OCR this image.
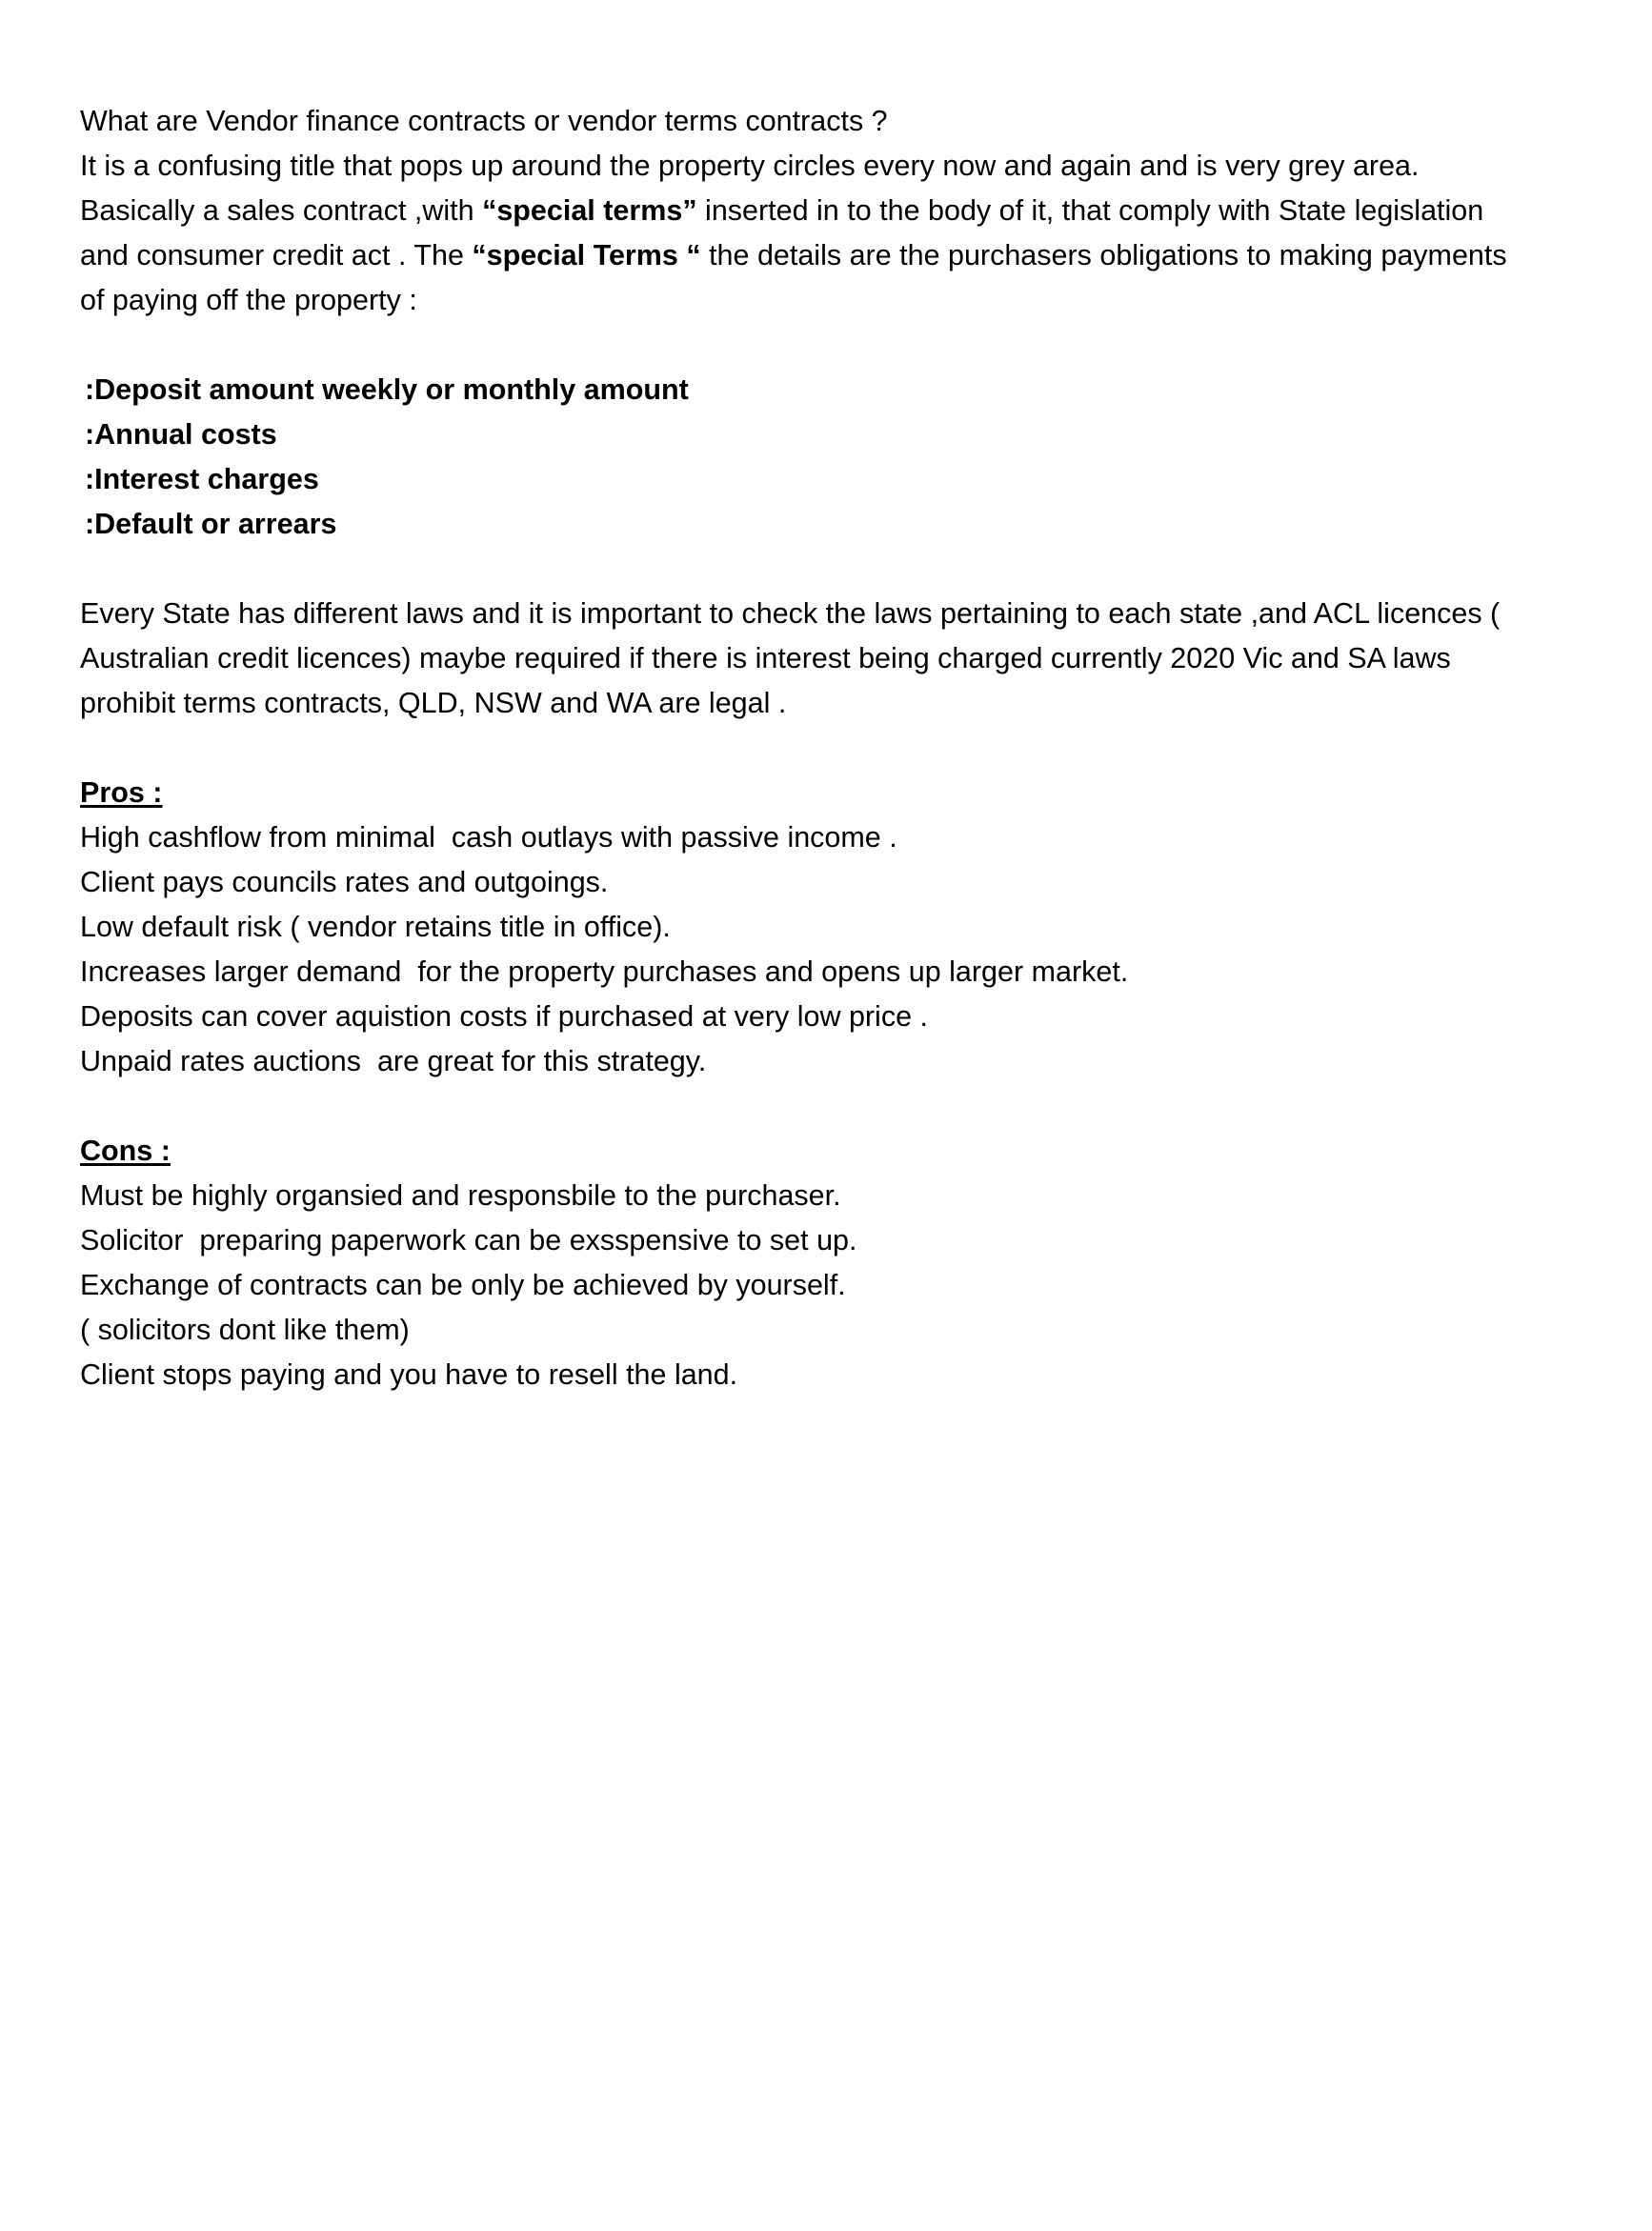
What are Vendor finance contracts or vendor terms contracts ?
It is a confusing title that pops up around the property circles every now and again and is very grey area. Basically a sales contract ,with “special terms” inserted in to the body of it, that comply with State legislation and consumer credit act . The “special Terms “ the details are the purchasers obligations to making payments of paying off the property :
:Deposit amount weekly or monthly amount
:Annual costs
:Interest charges
:Default or arrears
Every State has different laws and it is important to check the laws pertaining to each state ,and ACL licences ( Australian credit licences) maybe required if there is interest being charged currently 2020 Vic and SA laws prohibit terms contracts, QLD, NSW and WA are legal .
Pros :
High cashflow from minimal  cash outlays with passive income .
Client pays councils rates and outgoings.
Low default risk ( vendor retains title in office).
Increases larger demand  for the property purchases and opens up larger market.
Deposits can cover aquistion costs if purchased at very low price .
Unpaid rates auctions  are great for this strategy.
Cons :
Must be highly organsied and responsbile to the purchaser.
Solicitor  preparing paperwork can be exsspensive to set up.
Exchange of contracts can be only be achieved by yourself.
( solicitors dont like them)
Client stops paying and you have to resell the land.
